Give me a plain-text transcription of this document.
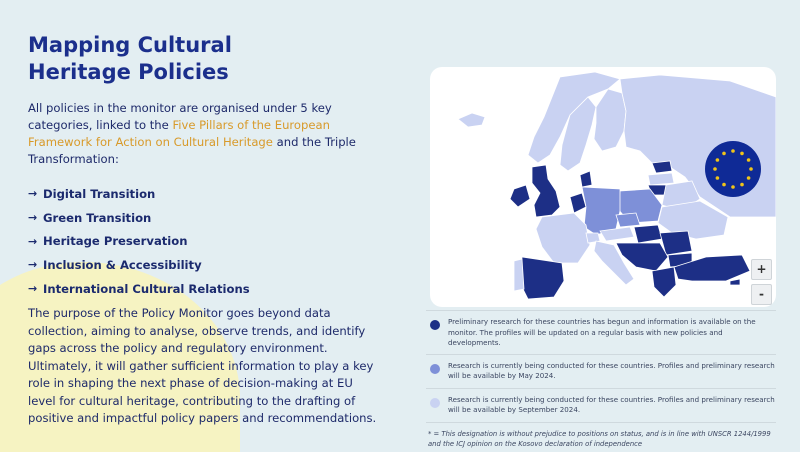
Mapping Cultural Heritage Policies

All policies in the monitor are organised under 5 key categories, linked to the Five Pillars of the European Framework for Action on Cultural Heritage and the Triple Transformation:

→ Digital Transition
→ Green Transition
→ Heritage Preservation
→ Inclusion & Accessibility
→ International Cultural Relations

The purpose of the Policy Monitor goes beyond data collection, aiming to analyse, observe trends, and identify gaps across the policy and regulatory environment. Ultimately, it will gather sufficient information to play a key role in shaping the next phase of decision-making at EU level for cultural heritage, contributing to the drafting of positive and impactful policy papers and recommendations.

+
-
Preliminary research for these countries has begun and information is available on the monitor. The profiles will be updated on a regular basis with new policies and developments.
Research is currently being conducted for these countries. Profiles and preliminary research will be available by May 2024.
Research is currently being conducted for these countries. Profiles and preliminary research will be available by September 2024.

* = This designation is without prejudice to positions on status, and is in line with UNSCR 1244/1999 and the ICJ opinion on the Kosovo declaration of independence
